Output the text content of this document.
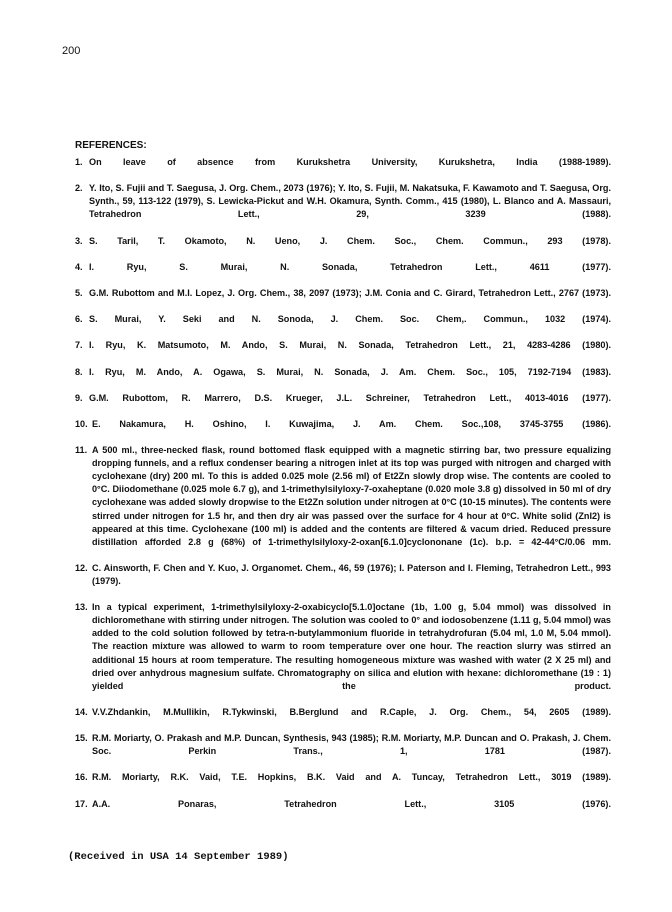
200
REFERENCES:
1. On leave of absence from Kurukshetra University, Kurukshetra, India (1988-1989).
2. Y. Ito, S. Fujii and T. Saegusa, J. Org. Chem., 2073 (1976); Y. Ito, S. Fujii, M. Nakatsuka, F. Kawamoto and T. Saegusa, Org. Synth., 59, 113-122 (1979), S. Lewicka-Pickut and W.H. Okamura, Synth. Comm., 415 (1980), L. Blanco and A. Massauri, Tetrahedron Lett., 29, 3239 (1988).
3. S. Taril, T. Okamoto, N. Ueno, J. Chem. Soc., Chem. Commun., 293 (1978).
4. I. Ryu, S. Murai, N. Sonada, Tetrahedron Lett., 4611 (1977).
5. G.M. Rubottom and M.I. Lopez, J. Org. Chem., 38, 2097 (1973); J.M. Conia and C. Girard, Tetrahedron Lett., 2767 (1973).
6. S. Murai, Y. Seki and N. Sonoda, J. Chem. Soc. Chem,. Commun., 1032 (1974).
7. I. Ryu, K. Matsumoto, M. Ando, S. Murai, N. Sonada, Tetrahedron Lett., 21, 4283-4286 (1980).
8. I. Ryu, M. Ando, A. Ogawa, S. Murai, N. Sonada, J. Am. Chem. Soc., 105, 7192-7194 (1983).
9. G.M. Rubottom, R. Marrero, D.S. Krueger, J.L. Schreiner, Tetrahedron Lett., 4013-4016 (1977).
10. E. Nakamura, H. Oshino, I. Kuwajima, J. Am. Chem. Soc.,108, 3745-3755 (1986).
11. A 500 ml., three-necked flask, round bottomed flask equipped with a magnetic stirring bar, two pressure equalizing dropping funnels, and a reflux condenser bearing a nitrogen inlet at its top was purged with nitrogen and charged with cyclohexane (dry) 200 ml. To this is added 0.025 mole (2.56 ml) of Et2Zn slowly drop wise. The contents are cooled to 0°C. Diiodomethane (0.025 mole 6.7 g), and 1-trimethylsilyloxy-7-oxaheptane (0.020 mole 3.8 g) dissolved in 50 ml of dry cyclohexane was added slowly dropwise to the Et2Zn solution under nitrogen at 0°C (10-15 minutes). The contents were stirred under nitrogen for 1.5 hr, and then dry air was passed over the surface for 4 hour at 0°C. White solid (ZnI2) is appeared at this time. Cyclohexane (100 ml) is added and the contents are filtered & vacum dried. Reduced pressure distillation afforded 2.8 g (68%) of 1-trimethylsilyloxy-2-oxan[6.1.0]cyclononane (1c). b.p. = 42-44°C/0.06 mm.
12. C. Ainsworth, F. Chen and Y. Kuo, J. Organomet. Chem., 46, 59 (1976); I. Paterson and I. Fleming, Tetrahedron Lett., 993 (1979).
13. In a typical experiment, 1-trimethylsilyloxy-2-oxabicyclo[5.1.0]octane (1b, 1.00 g, 5.04 mmol) was dissolved in dichloromethane with stirring under nitrogen. The solution was cooled to 0° and iodosobenzene (1.11 g, 5.04 mmol) was added to the cold solution followed by tetra-n-butylammonium fluoride in tetrahydrofuran (5.04 ml, 1.0 M, 5.04 mmol). The reaction mixture was allowed to warm to room temperature over one hour. The reaction slurry was stirred an additional 15 hours at room temperature. The resulting homogeneous mixture was washed with water (2 X 25 ml) and dried over anhydrous magnesium sulfate. Chromatography on silica and elution with hexane: dichloromethane (19 : 1) yielded the product.
14. V.V.Zhdankin, M.Mullikin, R.Tykwinski, B.Berglund and R.Caple, J. Org. Chem., 54, 2605 (1989).
15. R.M. Moriarty, O. Prakash and M.P. Duncan, Synthesis, 943 (1985); R.M. Moriarty, M.P. Duncan and O. Prakash, J. Chem. Soc. Perkin Trans., 1, 1781 (1987).
16. R.M. Moriarty, R.K. Vaid, T.E. Hopkins, B.K. Vaid and A. Tuncay, Tetrahedron Lett., 3019 (1989).
17. A.A. Ponaras, Tetrahedron Lett., 3105 (1976).
(Received in USA 14 September 1989)
